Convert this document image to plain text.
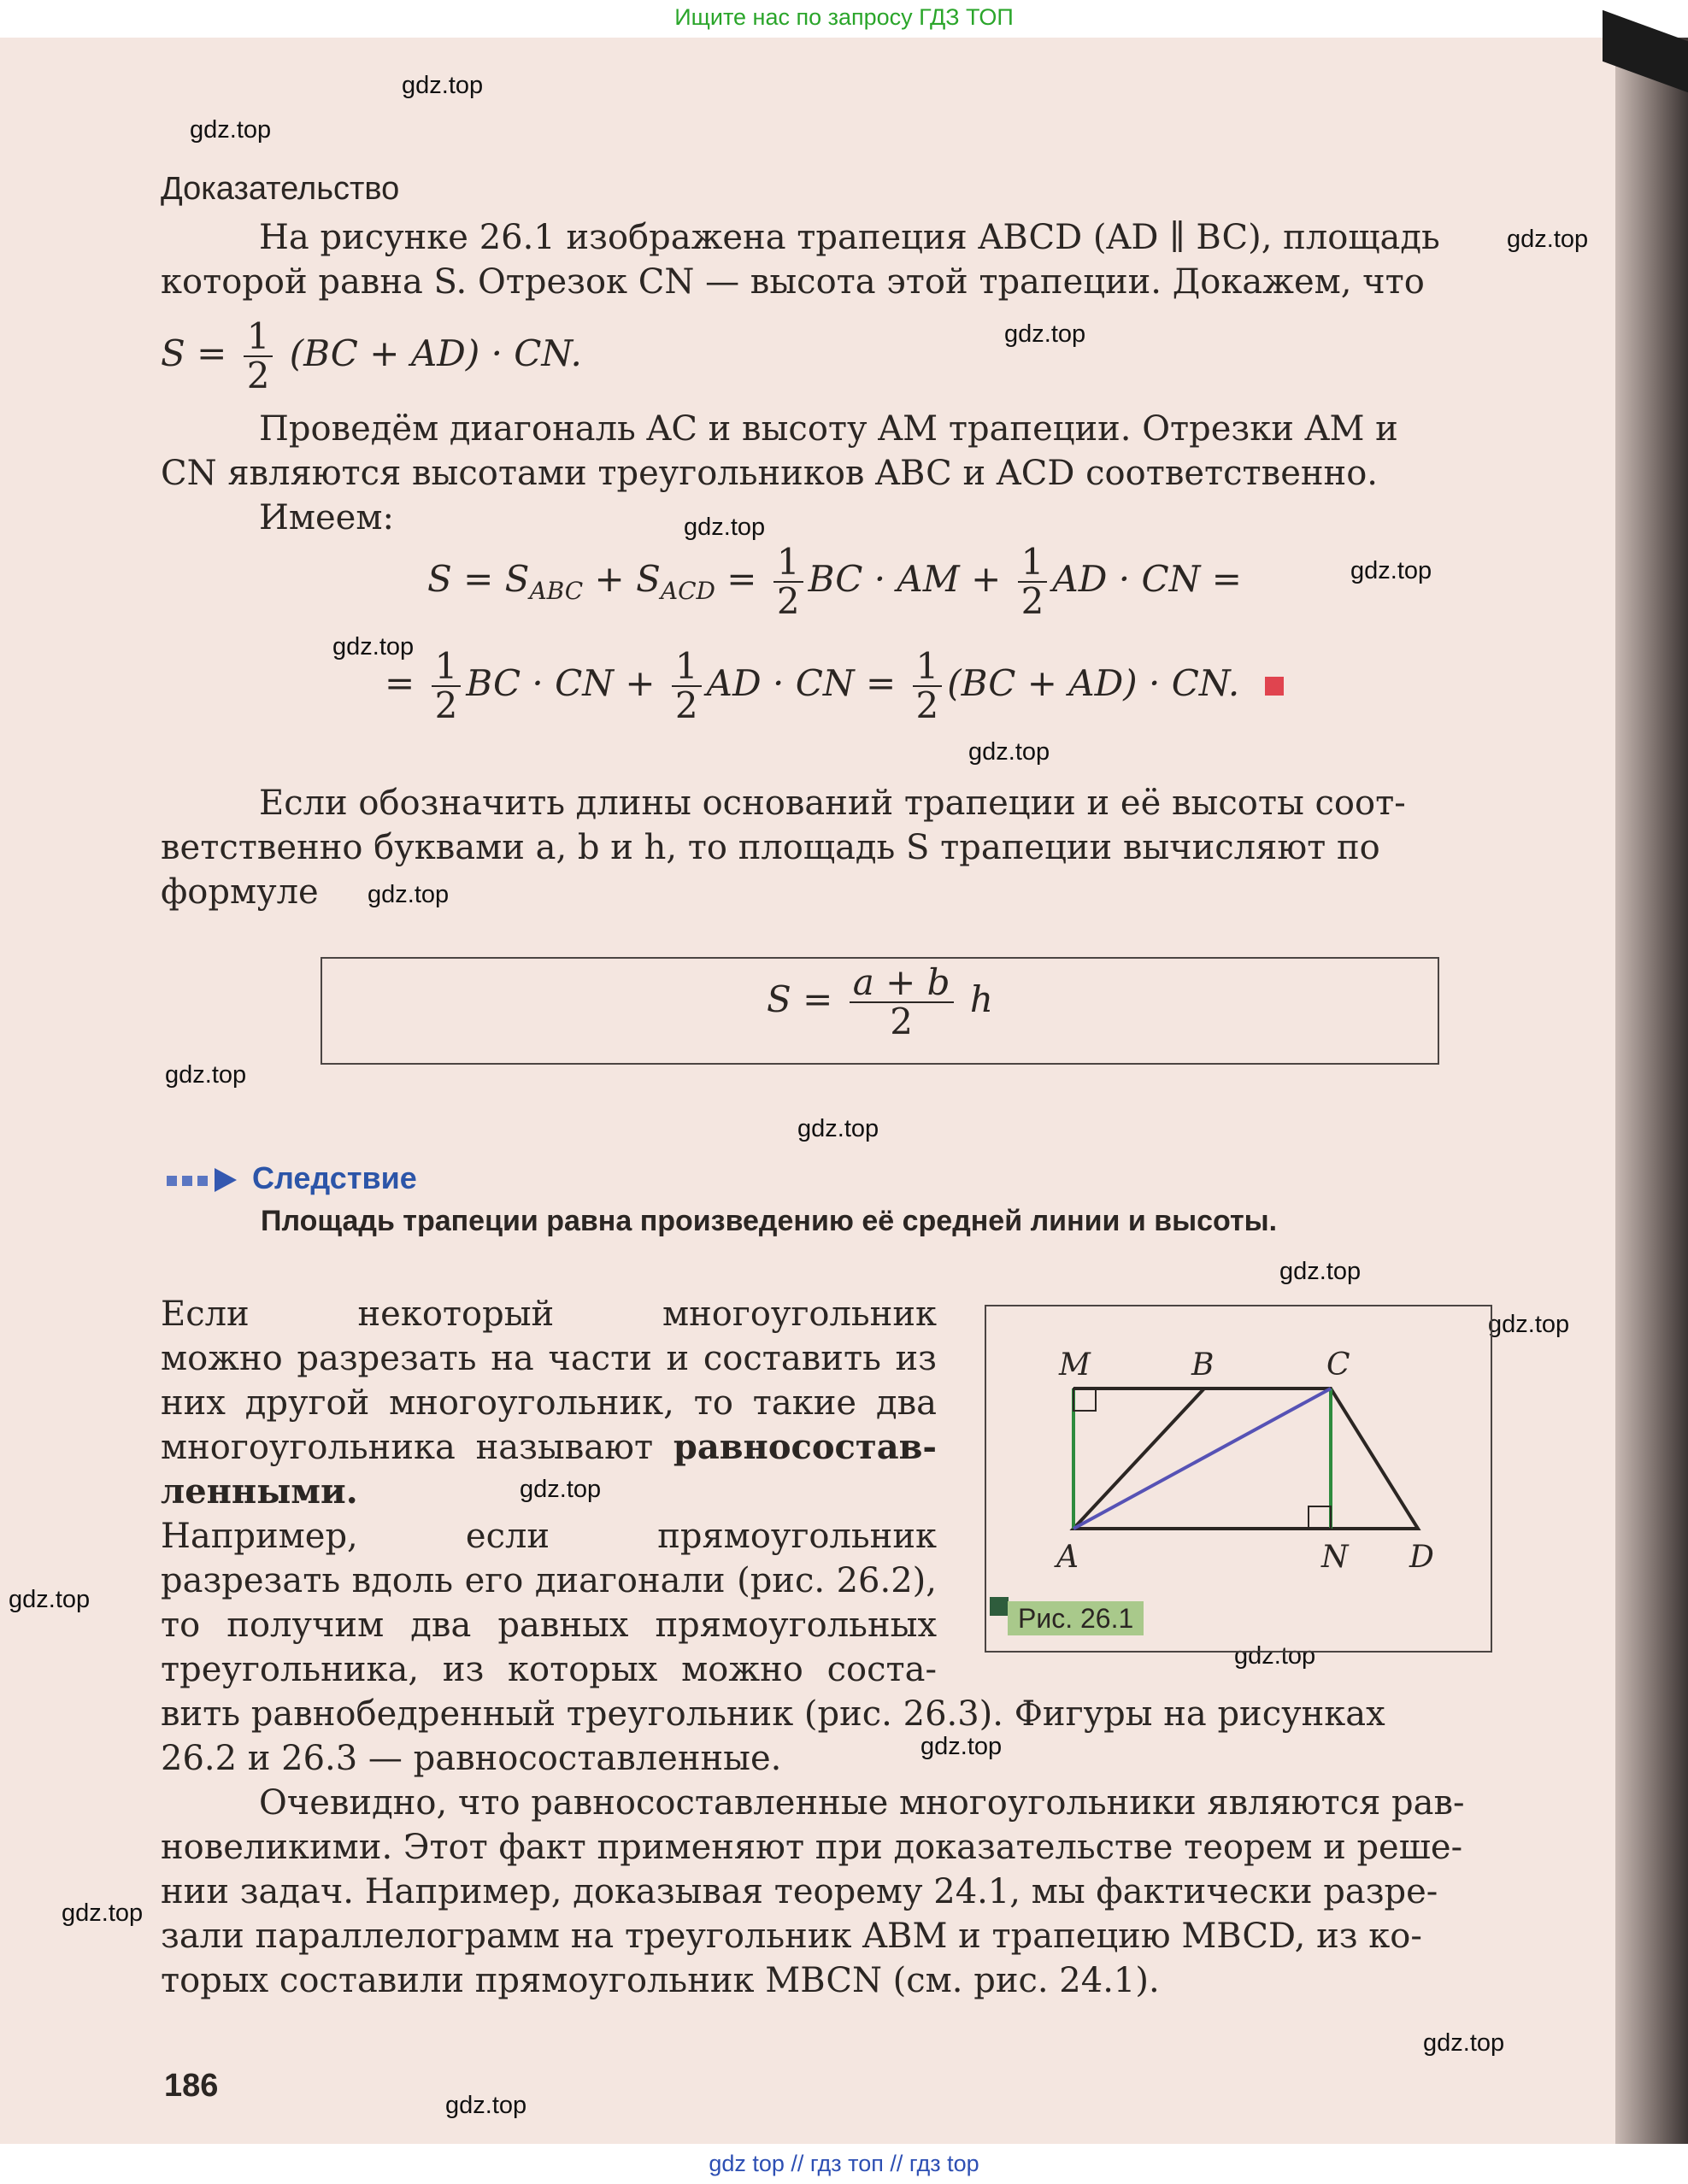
Ищите нас по запросу ГДЗ ТОП
gdz.top
gdz.top
gdz.top
gdz.top
gdz.top
gdz.top
gdz.top
gdz.top
gdz.top
gdz.top
gdz.top
gdz.top
gdz.top
gdz.top
gdz.top
gdz.top
gdz.top
gdz.top
gdz.top
gdz.top
Доказательство
На рисунке 26.1 изображена трапеция ABCD (AD ∥ BC), площадь
которой равна S. Отрезок CN — высота этой трапеции. Докажем, что
$S = \frac{1}{2} (BC + AD)$ · CN.
Проведём диагональ AC и высоту AM трапеции. Отрезки AM и
CN являются высотами треугольников ABC и ACD соответственно.
Имеем:
$S = S_{ABC} + S_{ACD} = \frac{1}{2}$ BC · AM + $\frac{1}{2}$ AD · CN =
= $\frac{1}{2}$ BC · CN + $\frac{1}{2}$ AD · CN = $\frac{1}{2} (BC + AD)$ · CN.
Если обозначить длины оснований трапеции и её высоты соот-
ветственно буквами a, b и h, то площадь S трапеции вычисляют по
формуле
$S = \frac{a + b}{2}$ h
Следствие
Площадь трапеции равна произведению её средней линии и высоты.
Если некоторый многоугольник
можно разрезать на части и составить из
них другой многоугольник, то такие два
многоугольника называют равносостав-
ленными.
Например, если прямоугольник
разрезать вдоль его диагонали (рис. 26.2),
то получим два равных прямоугольных
треугольника, из которых можно соста-
M	B	C
A	N D
Рис. 26.1
вить равнобедренный треугольник (рис. 26.3). Фигуры на рисунках
26.2 и 26.3 — равносоставленные.
Очевидно, что равносоставленные многоугольники являются рав-
новеликими. Этот факт применяют при доказательстве теорем и реше-
нии задач. Например, доказывая теорему 24.1, мы фактически разре-
зали параллелограмм на треугольник ABM и трапецию MBCD, из ко-
торых составили прямоугольник MBCN (см. рис. 24.1).
186
gdz top // гдз топ // гдз top
